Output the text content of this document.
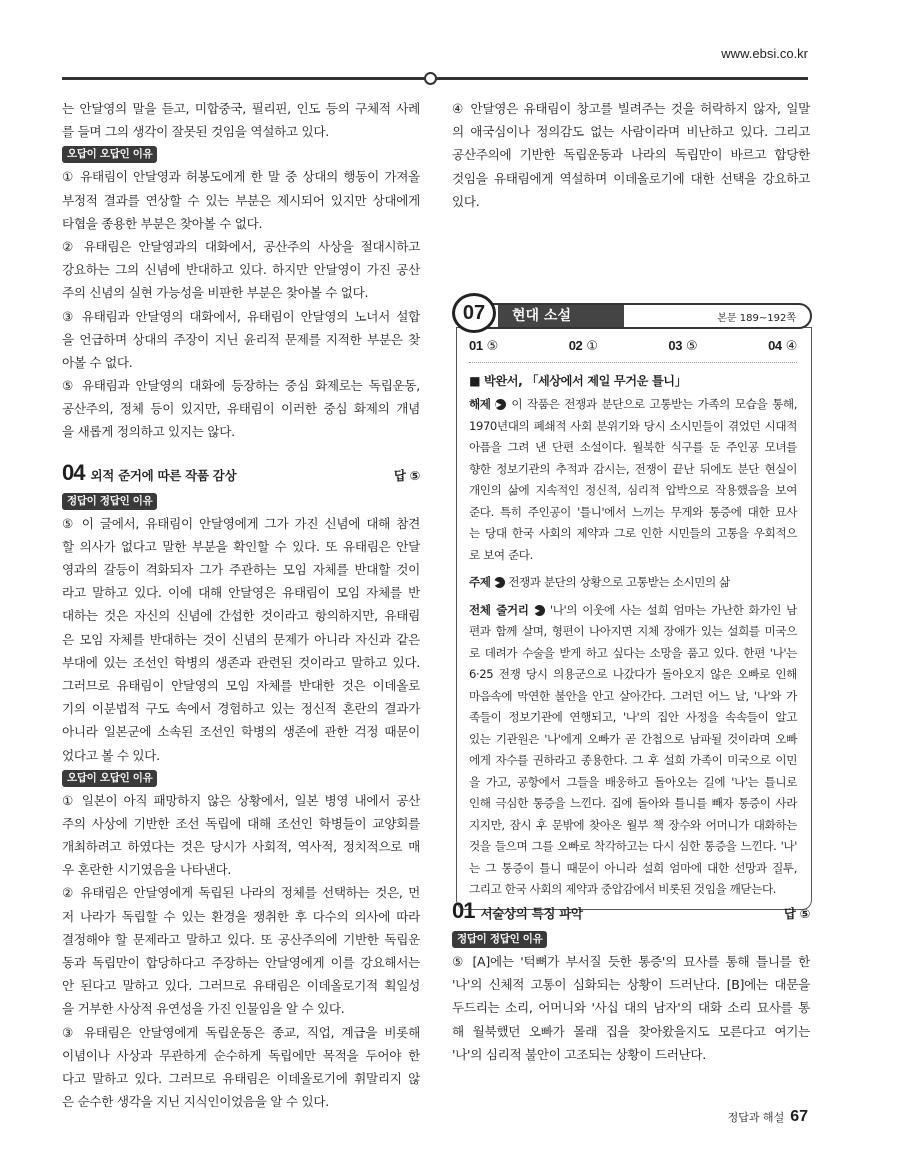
www.ebsi.co.kr
는 안달영의 말을 듣고, 미합중국, 필리핀, 인도 등의 구체적 사례
를 들며 그의 생각이 잘못된 것임을 역설하고 있다.
오답이 오답인 이유
① 유태림이 안달영과 허봉도에게 한 말 중 상대의 행동이 가져올
부정적 결과를 연상할 수 있는 부분은 제시되어 있지만 상대에게
타협을 종용한 부분은 찾아볼 수 없다.
② 유태림은 안달영과의 대화에서, 공산주의 사상을 절대시하고
강요하는 그의 신념에 반대하고 있다. 하지만 안달영이 가진 공산
주의 신념의 실현 가능성을 비판한 부분은 찾아볼 수 없다.
③ 유태림과 안달영의 대화에서, 유태림이 안달영의 노너서 설합
을 언급하며 상대의 주장이 지닌 윤리적 문제를 지적한 부분은 찾
아볼 수 없다.
⑤ 유태림과 안달영의 대화에 등장하는 중심 화제로는 독립운동,
공산주의, 정체 등이 있지만, 유태림이 이러한 중심 화제의 개념
을 새롭게 정의하고 있지는 않다.
04 외적 준거에 따른 작품 감상	답 ⑤
정답이 정답인 이유
⑤ 이 글에서, 유태림이 안달영에게 그가 가진 신념에 대해 참견
할 의사가 없다고 말한 부분을 확인할 수 있다. 또 유태림은 안달
영과의 갈등이 격화되자 그가 주관하는 모임 자체를 반대할 것이
라고 말하고 있다. 이에 대해 안달영은 유태림이 모임 자체를 반
대하는 것은 자신의 신념에 간섭한 것이라고 항의하지만, 유태림
은 모임 자체를 반대하는 것이 신념의 문제가 아니라 자신과 같은
부대에 있는 조선인 학병의 생존과 관련된 것이라고 말하고 있다.
그러므로 유태림이 안달영의 모임 자체를 반대한 것은 이데올로
기의 이분법적 구도 속에서 경험하고 있는 정신적 혼란의 결과가
아니라 일본군에 소속된 조선인 학병의 생존에 관한 걱정 때문이
었다고 볼 수 있다.
오답이 오답인 이유
① 일본이 아직 패망하지 않은 상황에서, 일본 병영 내에서 공산
주의 사상에 기반한 조선 독립에 대해 조선인 학병들이 교양회를
개최하려고 하였다는 것은 당시가 사회적, 역사적, 정치적으로 매
우 혼란한 시기였음을 나타낸다.
② 유태림은 안달영에게 독립된 나라의 정체를 선택하는 것은, 먼
저 나라가 독립할 수 있는 환경을 쟁취한 후 다수의 의사에 따라
결정해야 할 문제라고 말하고 있다. 또 공산주의에 기반한 독립운
동과 독립만이 합당하다고 주장하는 안달영에게 이를 강요해서는
안 된다고 말하고 있다. 그러므로 유태림은 이데올로기적 획일성
을 거부한 사상적 유연성을 가진 인물임을 알 수 있다.
③ 유태림은 안달영에게 독립운동은 종교, 직업, 계급을 비롯해
이념이나 사상과 무관하게 순수하게 독립에만 목적을 두어야 한
다고 말하고 있다. 그러므로 유태림은 이데올로기에 휘말리지 않
은 순수한 생각을 지닌 지식인이었음을 알 수 있다.
④ 안달영은 유태림이 창고를 빌려주는 것을 허락하지 않자, 일말
의 애국심이나 정의감도 없는 사람이라며 비난하고 있다. 그리고
공산주의에 기반한 독립운동과 나라의 독립만이 바르고 합당한
것임을 유태림에게 역설하며 이데올로기에 대한 선택을 강요하고
있다.
07	현대 소설	본문 189~192쪽
01 ⑤	02 ①	03 ⑤	04 ④
■ 박완서, 「세상에서 제일 무거운 틀니」
해제 ▶ 이 작품은 전쟁과 분단으로 고통받는 가족의 모습을 통해,
1970년대의 폐쇄적 사회 분위기와 당시 소시민들이 겪었던 시대적
아픔을 그려 낸 단편 소설이다. 월북한 식구를 둔 주인공 모녀를
향한 정보기관의 추적과 감시는, 전쟁이 끝난 뒤에도 분단 현실이
개인의 삶에 지속적인 정신적, 심리적 압박으로 작용했음을 보여
준다. 특히 주인공이 '틀니'에서 느끼는 무게와 통증에 대한 묘사
는 당대 한국 사회의 제약과 그로 인한 시민들의 고통을 우회적으
로 보여 준다.
주제 ▶ 전쟁과 분단의 상황으로 고통받는 소시민의 삶
전체 줄거리 ▶ '나'의 이웃에 사는 설희 엄마는 가난한 화가인 남
편과 함께 살며, 형편이 나아지면 지체 장애가 있는 설희를 미국으
로 데려가 수술을 받게 하고 싶다는 소망을 품고 있다. 한편 '나'는
6·25 전쟁 당시 의용군으로 나갔다가 돌아오지 않은 오빠로 인해
마음속에 막연한 불안을 안고 살아간다. 그러던 어느 날, '나'와 가
족들이 정보기관에 연행되고, '나'의 집안 사정을 속속들이 알고
있는 기관원은 '나'에게 오빠가 곧 간첩으로 남파될 것이라며 오빠
에게 자수를 권하라고 종용한다. 그 후 설희 가족이 미국으로 이민
을 가고, 공항에서 그들을 배웅하고 돌아오는 길에 '나'는 틀니로
인해 극심한 통증을 느낀다. 집에 돌아와 틀니를 빼자 통증이 사라
지지만, 잠시 후 문밖에 찾아온 월부 책 장수와 어머니가 대화하는
것을 들으며 그를 오빠로 착각하고는 다시 심한 통증을 느낀다. '나'
는 그 통증이 틀니 때문이 아니라 설희 엄마에 대한 선망과 질투,
그리고 한국 사회의 제약과 중압감에서 비롯된 것임을 깨닫는다.
01 서술상의 특징 파악	답 ⑤
정답이 정답인 이유
⑤ [A]에는 '턱뼈가 부서질 듯한 통증'의 묘사를 통해 틀니를 한
'나'의 신체적 고통이 심화되는 상황이 드러난다. [B]에는 대문을
두드리는 소리, 어머니와 '사십 대의 남자'의 대화 소리 묘사를 통
해 월북했던 오빠가 몰래 집을 찾아왔을지도 모른다고 여기는
'나'의 심리적 불안이 고조되는 상황이 드러난다.
정답과 해설 67
